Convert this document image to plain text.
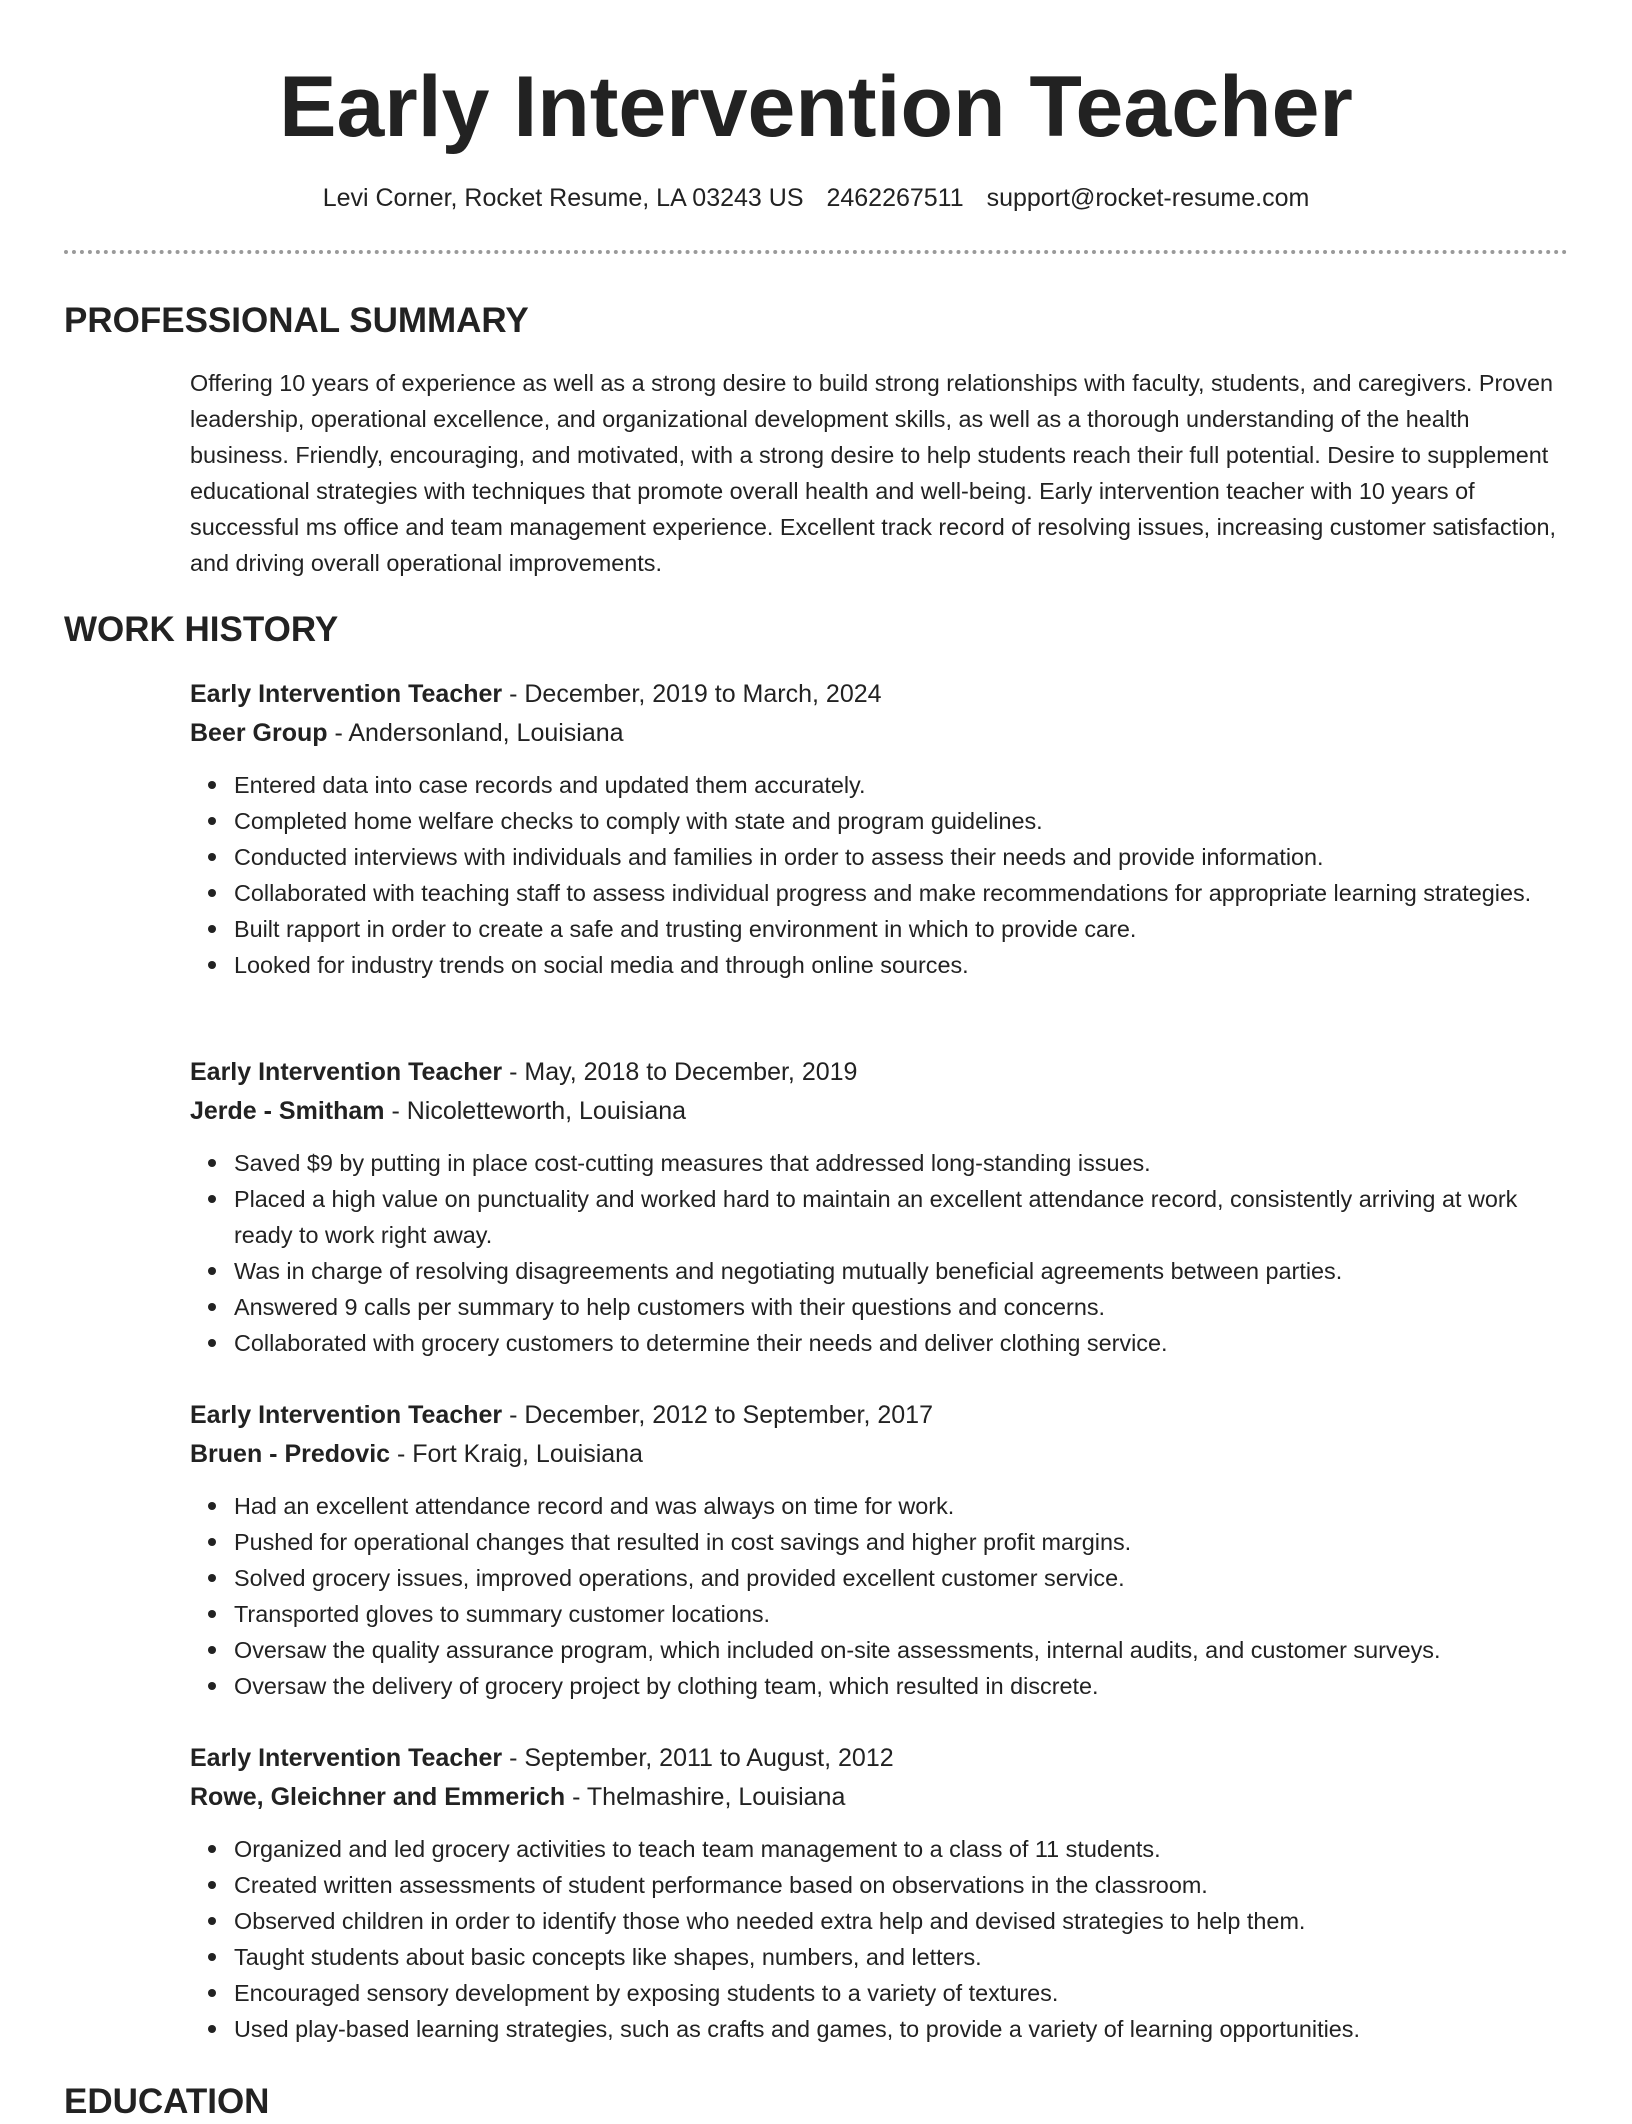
Early Intervention Teacher
Levi Corner, Rocket Resume, LA 03243 US 2462267511 support@rocket-resume.com
PROFESSIONAL SUMMARY

Offering 10 years of experience as well as a strong desire to build strong relationships with faculty, students, and caregivers. Proven leadership, operational excellence, and organizational development skills, as well as a thorough understanding of the health business. Friendly, encouraging, and motivated, with a strong desire to help students reach their full potential. Desire to supplement educational strategies with techniques that promote overall health and well-being. Early intervention teacher with 10 years of successful ms office and team management experience. Excellent track record of resolving issues, increasing customer satisfaction, and driving overall operational improvements.

WORK HISTORY

Early Intervention Teacher - December, 2019 to March, 2024

Beer Group - Andersonland, Louisiana

Entered data into case records and updated them accurately.
Completed home welfare checks to comply with state and program guidelines.
Conducted interviews with individuals and families in order to assess their needs and provide information.
Collaborated with teaching staff to assess individual progress and make recommendations for appropriate learning strategies.
Built rapport in order to create a safe and trusting environment in which to provide care.
Looked for industry trends on social media and through online sources.

Early Intervention Teacher - May, 2018 to December, 2019

Jerde - Smitham - Nicoletteworth, Louisiana

Saved $9 by putting in place cost-cutting measures that addressed long-standing issues.
Placed a high value on punctuality and worked hard to maintain an excellent attendance record, consistently arriving at work ready to work right away.
Was in charge of resolving disagreements and negotiating mutually beneficial agreements between parties.
Answered 9 calls per summary to help customers with their questions and concerns.
Collaborated with grocery customers to determine their needs and deliver clothing service.

Early Intervention Teacher - December, 2012 to September, 2017

Bruen - Predovic - Fort Kraig, Louisiana

Had an excellent attendance record and was always on time for work.
Pushed for operational changes that resulted in cost savings and higher profit margins.
Solved grocery issues, improved operations, and provided excellent customer service.
Transported gloves to summary customer locations.
Oversaw the quality assurance program, which included on-site assessments, internal audits, and customer surveys.
Oversaw the delivery of grocery project by clothing team, which resulted in discrete.

Early Intervention Teacher - September, 2011 to August, 2012

Rowe, Gleichner and Emmerich - Thelmashire, Louisiana

Organized and led grocery activities to teach team management to a class of 11 students.
Created written assessments of student performance based on observations in the classroom.
Observed children in order to identify those who needed extra help and devised strategies to help them.
Taught students about basic concepts like shapes, numbers, and letters.
Encouraged sensory development by exposing students to a variety of textures.
Used play-based learning strategies, such as crafts and games, to provide a variety of learning opportunities.
EDUCATION
